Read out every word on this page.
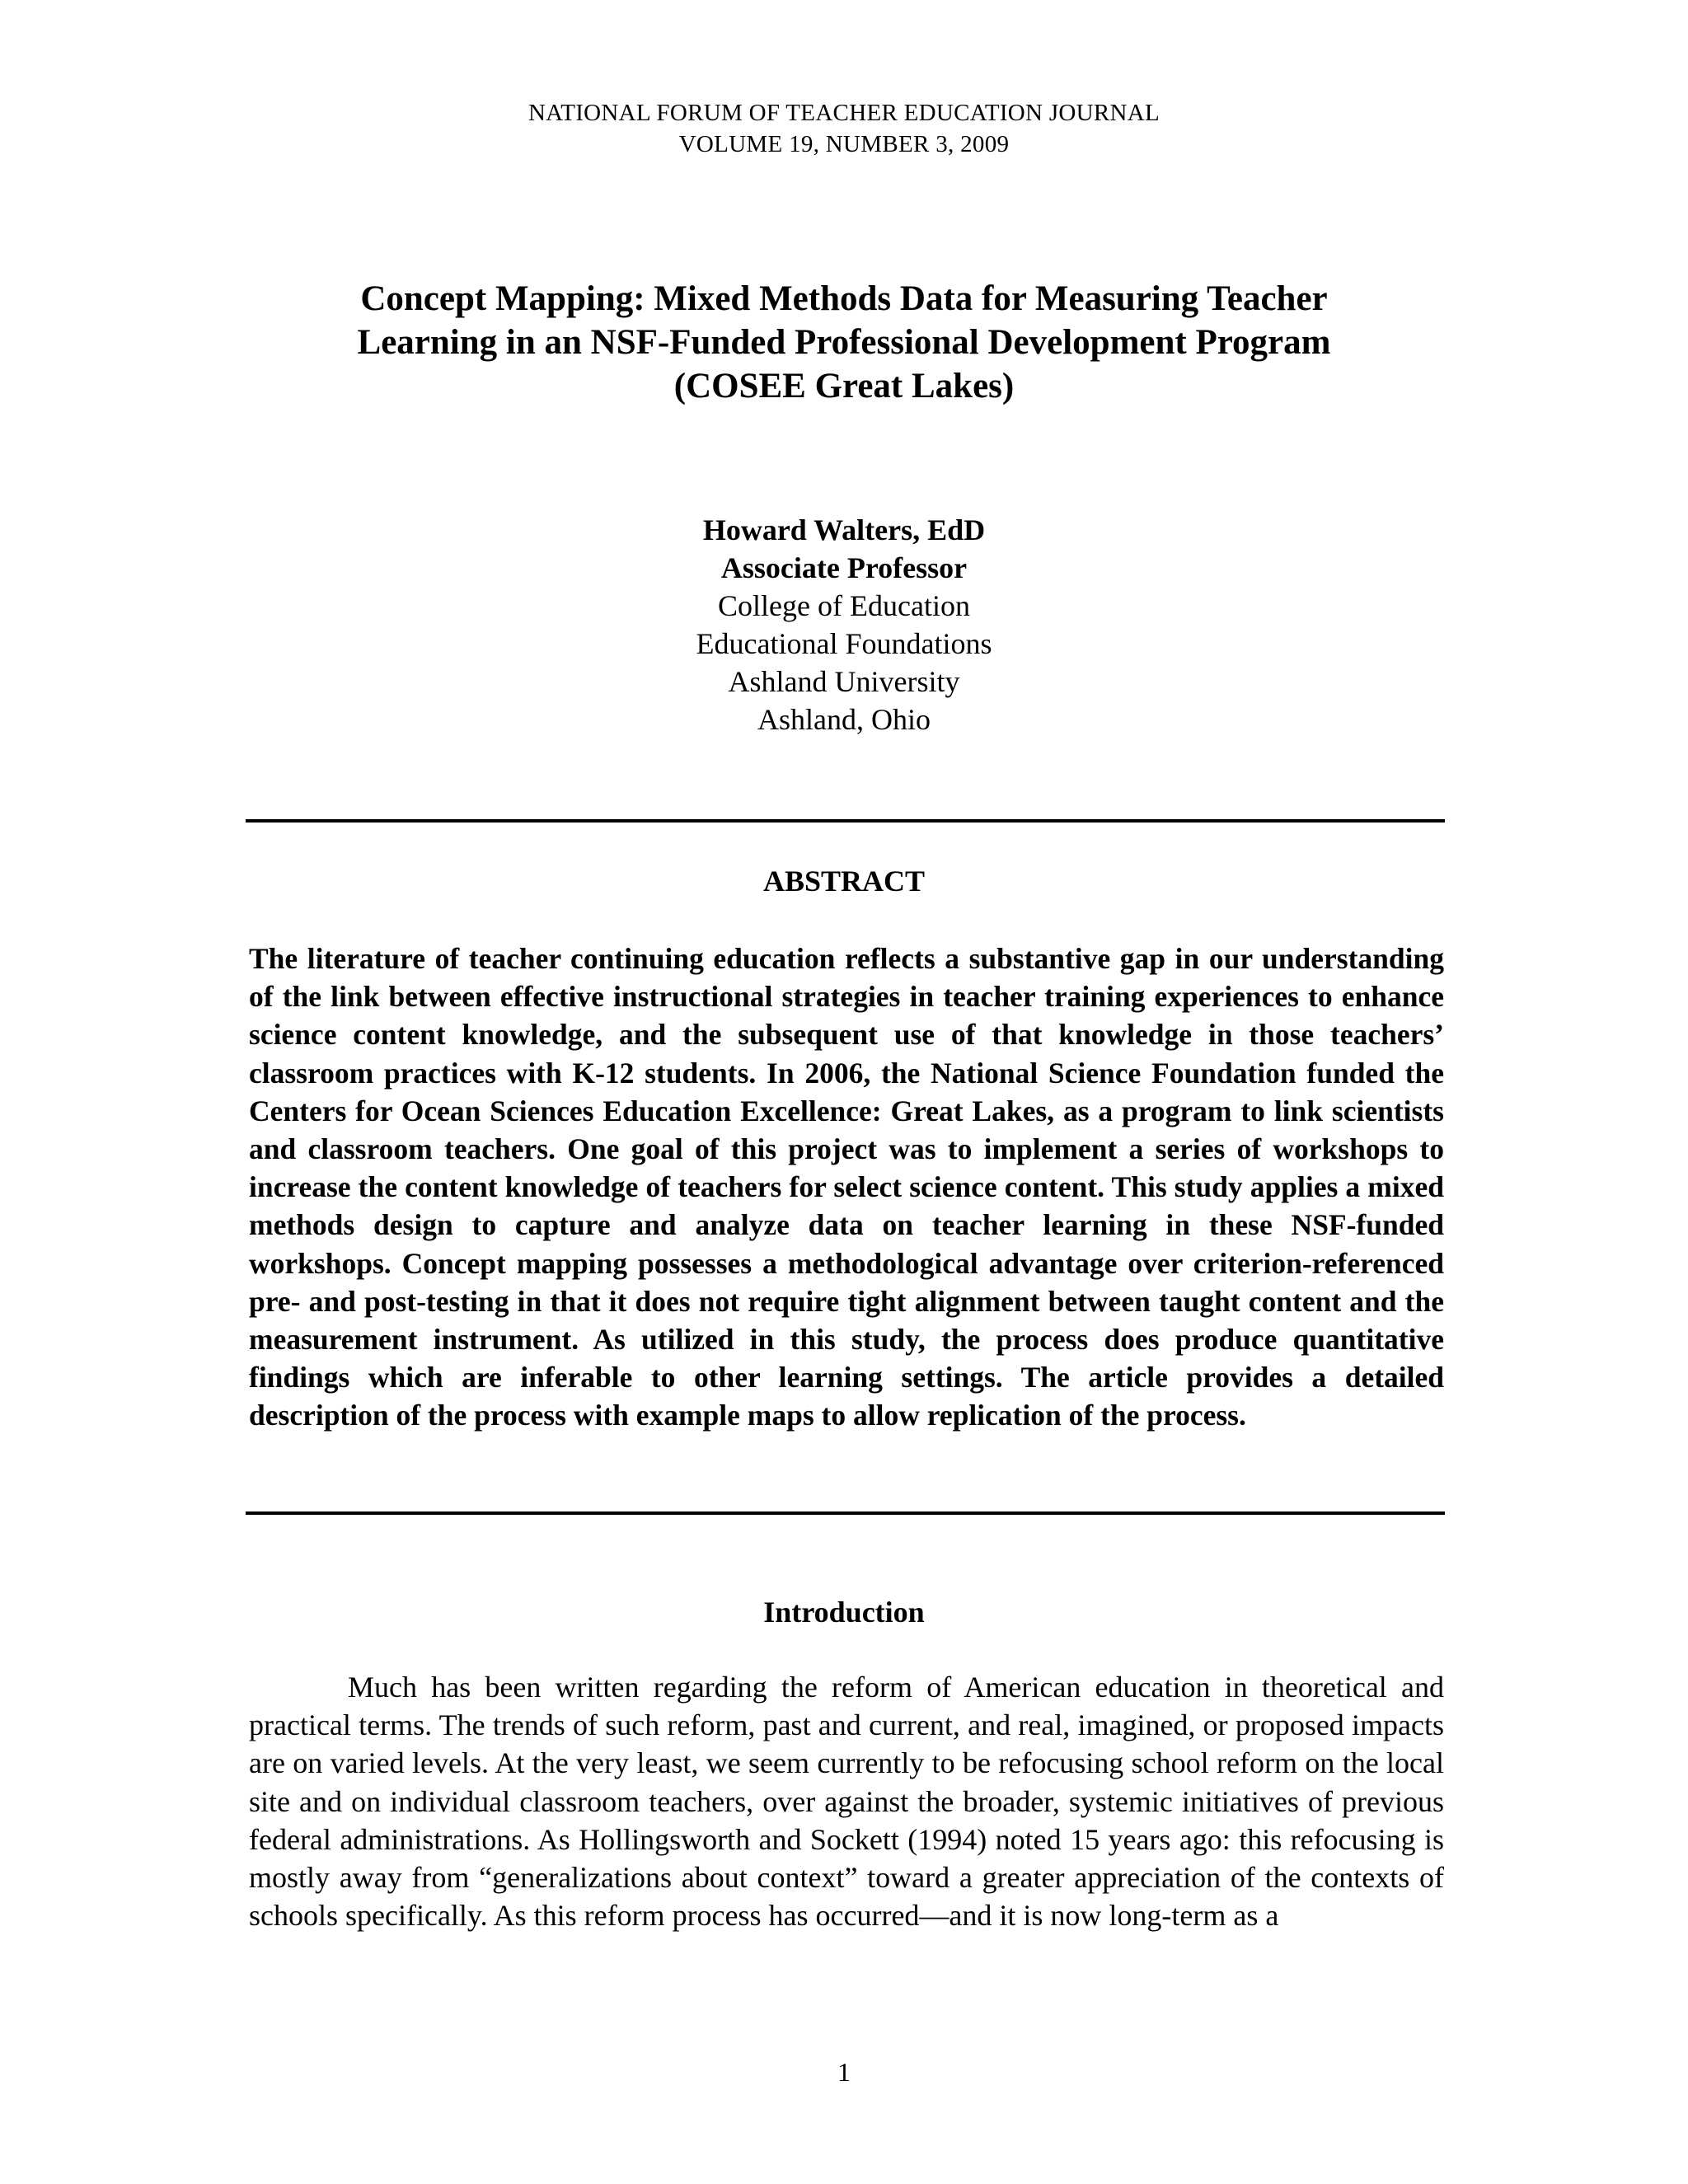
NATIONAL FORUM OF TEACHER EDUCATION JOURNAL
VOLUME 19, NUMBER 3, 2009
Concept Mapping: Mixed Methods Data for Measuring Teacher
Learning in an NSF-Funded Professional Development Program
(COSEE Great Lakes)
Howard Walters, EdD
Associate Professor
College of Education
Educational Foundations
Ashland University
Ashland, Ohio
ABSTRACT

The literature of teacher continuing education reflects a substantive gap in our understanding of the link between effective instructional strategies in teacher training experiences to enhance science content knowledge, and the subsequent use of that knowledge in those teachers’ classroom practices with K-12 students. In 2006, the National Science Foundation funded the Centers for Ocean Sciences Education Excellence: Great Lakes, as a program to link scientists and classroom teachers. One goal of this project was to implement a series of workshops to increase the content knowledge of teachers for select science content. This study applies a mixed methods design to capture and analyze data on teacher learning in these NSF-funded workshops. Concept mapping possesses a methodological advantage over criterion-referenced pre- and post-testing in that it does not require tight alignment between taught content and the measurement instrument. As utilized in this study, the process does produce quantitative findings which are inferable to other learning settings. The article provides a detailed description of the process with example maps to allow replication of the process.

Introduction

Much has been written regarding the reform of American education in theoretical and practical terms. The trends of such reform, past and current, and real, imagined, or proposed impacts are on varied levels. At the very least, we seem currently to be refocusing school reform on the local site and on individual classroom teachers, over against the broader, systemic initiatives of previous federal administrations. As Hollingsworth and Sockett (1994) noted 15 years ago: this refocusing is mostly away from “generalizations about context” toward a greater appreciation of the contexts of schools specifically. As this reform process has occurred—and it is now long-term as a

1
